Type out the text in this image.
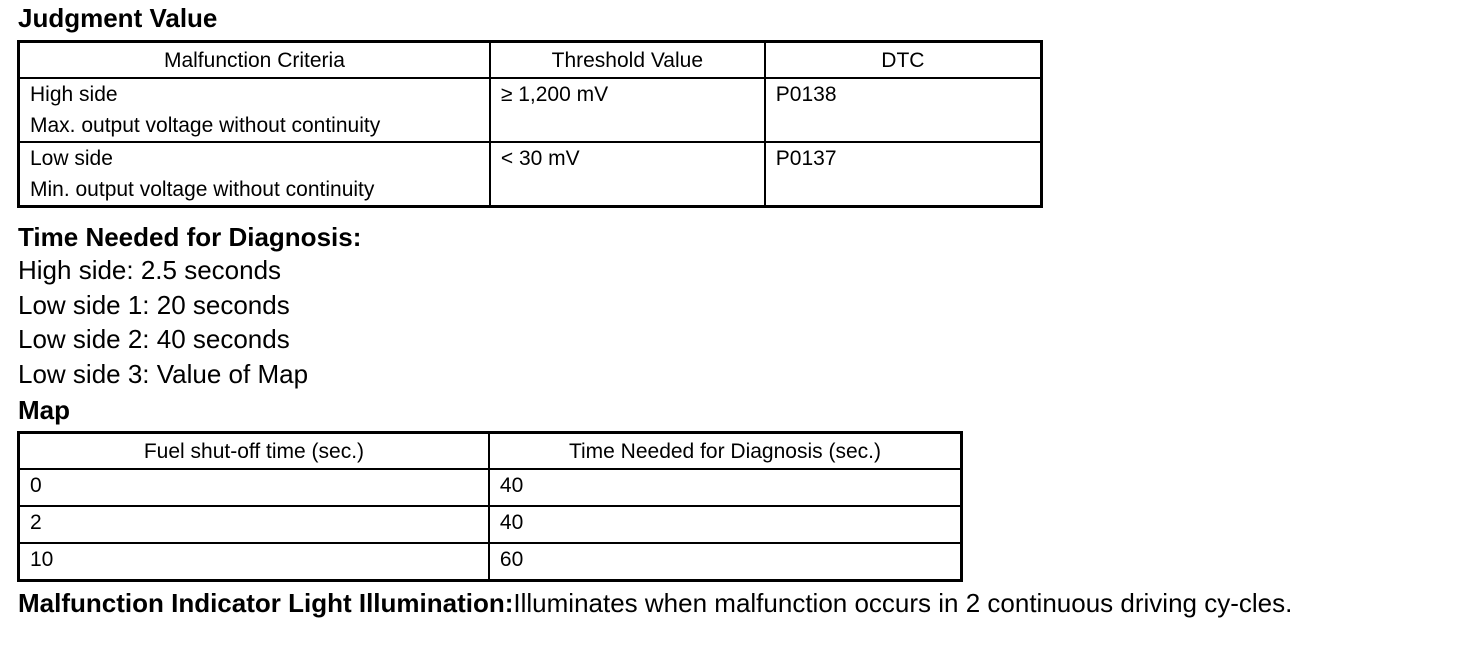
Judgment Value
Malfunction Criteria	Threshold Value	DTC

High side
Max. output voltage without continuity	≥ 1,200 mV	P0138

Low side
Min. output voltage without continuity	< 30 mV	P0137
Time Needed for Diagnosis:
High side: 2.5 seconds
Low side 1: 20 seconds
Low side 2: 40 seconds
Low side 3: Value of Map
Map
Fuel shut-off time (sec.)	Time Needed for Diagnosis (sec.)
0	40
2	40
10	60
Malfunction Indicator Light Illumination:Illuminates when malfunction occurs in 2 continuous driving cy-cles.
